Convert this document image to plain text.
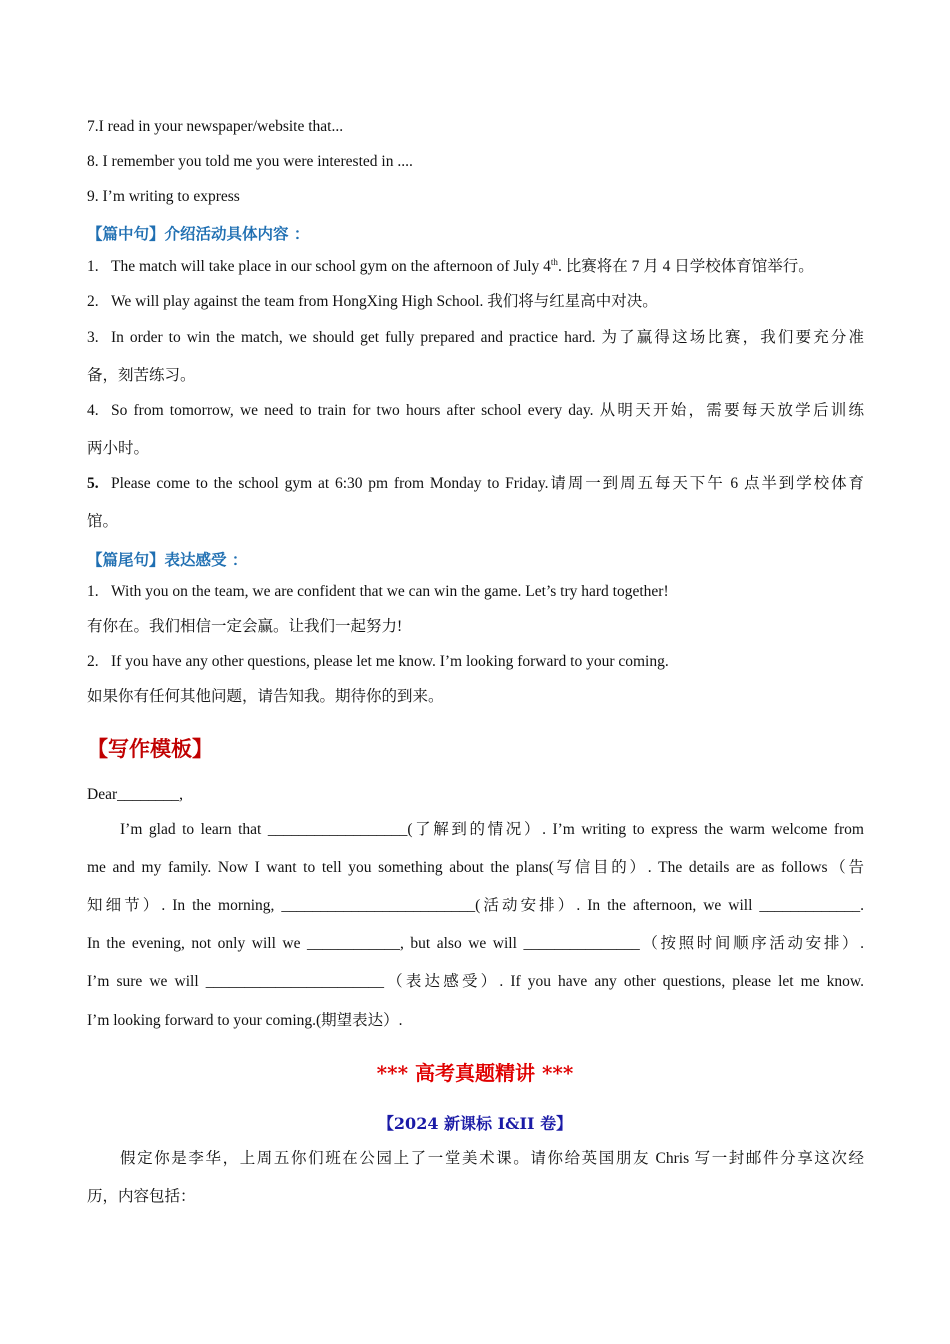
7.I read in your newspaper/website that...
8. I remember you told me you were interested in ....
9. I’m writing to express
【篇中句】介绍活动具体内容 ：
1. The match will take place in our school gym on the afternoon of July 4th. 比赛将在 7 月 4 日学校体育馆举行。
2. We will play against the team from HongXing High School. 我们将与红星高中对决。
3. In order to win the match, we should get fully prepared and practice hard. 为了赢得这场比赛，我们要充分准
备，刻苦练习。
4. So from tomorrow, we need to train for two hours after school every day. 从明天开始，需要每天放学后训练
两小时。
5. Please come to the school gym at 6:30 pm from Monday to Friday.请周一到周五每天下午 6 点半到学校体育
馆。
【篇尾句】表达感受 ：
1. With you on the team, we are confident that we can win the game. Let’s try hard together!
有你在。我们相信一定会赢。让我们一起努力!
2. If you have any other questions, please let me know. I’m looking forward to your coming.
如果你有任何其他问题，请告知我。期待你的到来。
【写作模板】
Dear________,
I’m glad to learn that __________________(了解到的情况）. I’m writing to express the warm welcome from
me and my family. Now I want to tell you something about the plans(写信目的）. The details are as follows（告
知细节）. In the morning, _________________________(活动安排）. In the afternoon, we will _____________.
In the evening, not only will we ____________, but also we will _______________（按照时间顺序活动安排）.
I’m sure we will _______________________（表达感受）. If you have any other questions, please let me know.
I’m looking forward to your coming.(期望表达）.
*** 高考真题精讲 ***
【2024 新课标 I&II 卷】
假定你是李华，上周五你们班在公园上了一堂美术课。请你给英国朋友 Chris 写一封邮件分享这次经
历，内容包括：
